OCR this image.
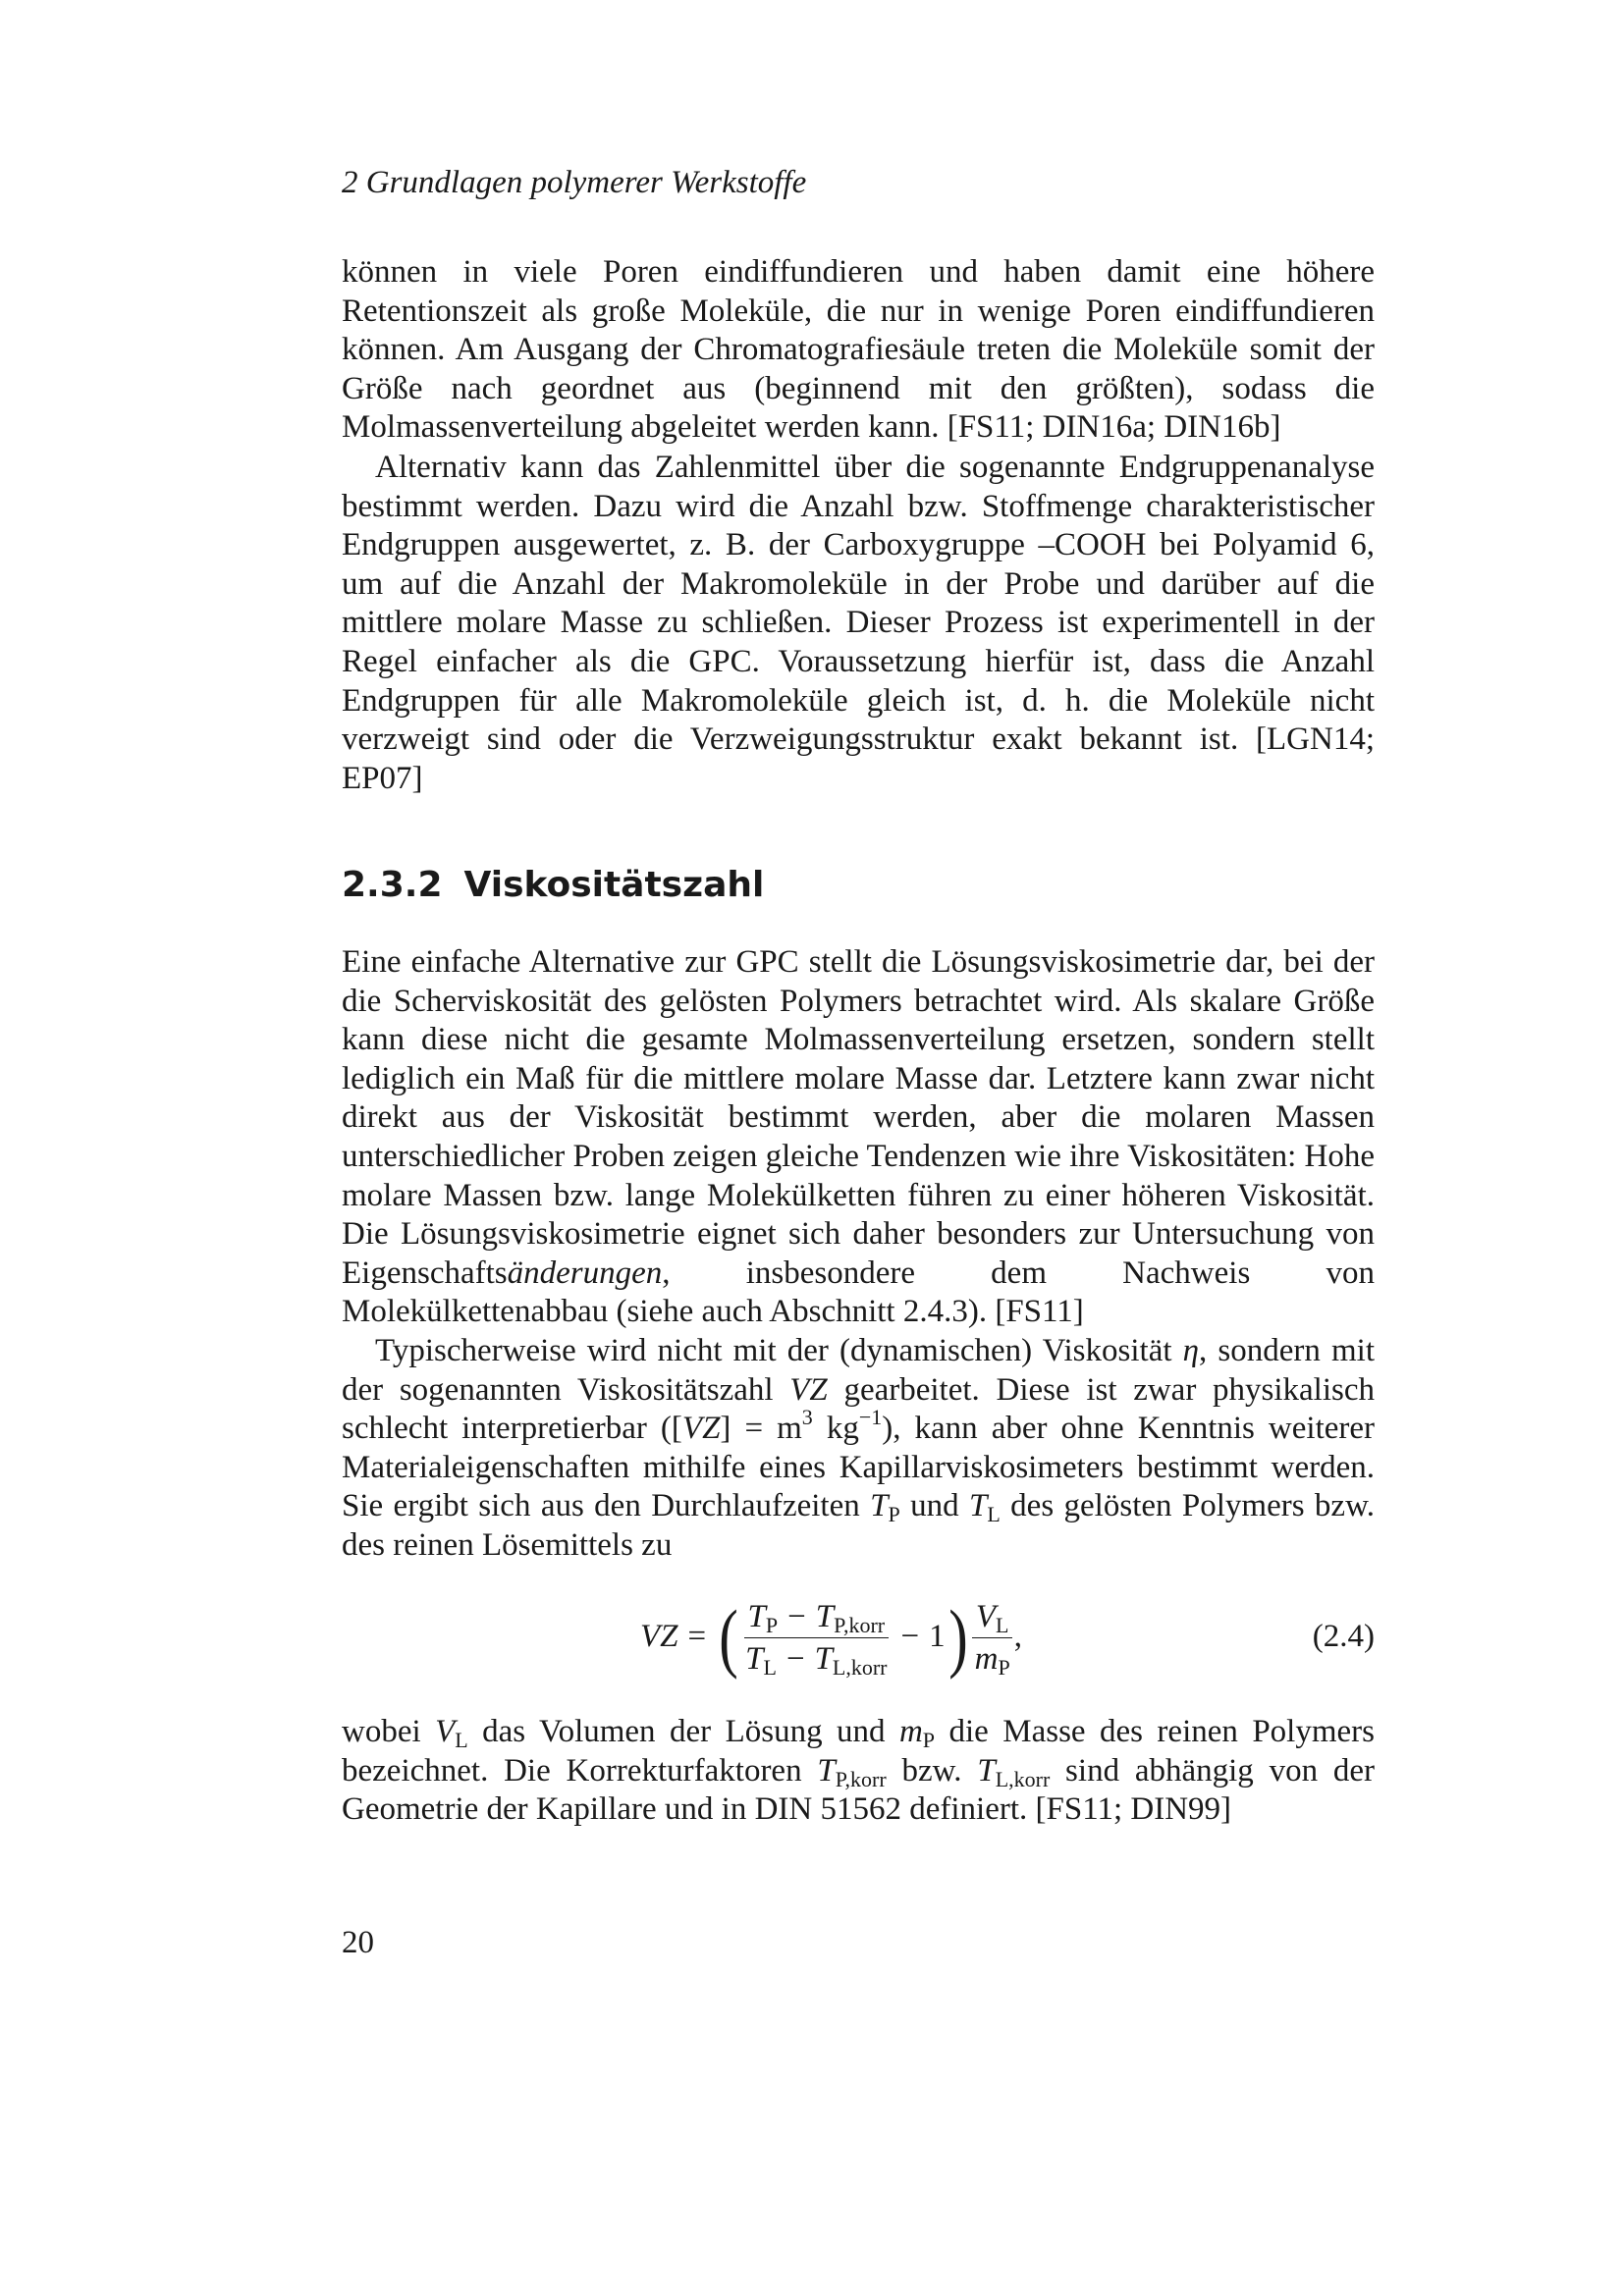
2 Grundlagen polymerer Werkstoffe

können in viele Poren eindiffundieren und haben damit eine höhere Retentionszeit als große Moleküle, die nur in wenige Poren eindiffundieren können. Am Ausgang der Chromatografiesäule treten die Moleküle somit der Größe nach geordnet aus (beginnend mit den größten), sodass die Molmassenverteilung abgeleitet werden kann. [FS11; DIN16a; DIN16b]

Alternativ kann das Zahlenmittel über die sogenannte Endgruppenanalyse bestimmt werden. Dazu wird die Anzahl bzw. Stoffmenge charakteristischer Endgruppen ausgewertet, z. B. der Carboxygruppe –COOH bei Polyamid 6, um auf die Anzahl der Makromoleküle in der Probe und darüber auf die mittlere molare Masse zu schließen. Dieser Prozess ist experimentell in der Regel einfacher als die GPC. Voraussetzung hierfür ist, dass die Anzahl Endgruppen für alle Makromoleküle gleich ist, d. h. die Moleküle nicht verzweigt sind oder die Verzweigungsstruktur exakt bekannt ist. [LGN14; EP07]

2.3.2 Viskositätszahl

Eine einfache Alternative zur GPC stellt die Lösungsviskosimetrie dar, bei der die Scherviskosität des gelösten Polymers betrachtet wird. Als skalare Größe kann diese nicht die gesamte Molmassenverteilung ersetzen, sondern stellt lediglich ein Maß für die mittlere molare Masse dar. Letztere kann zwar nicht direkt aus der Viskosität bestimmt werden, aber die molaren Massen unterschiedlicher Proben zeigen gleiche Tendenzen wie ihre Viskositäten: Hohe molare Massen bzw. lange Molekülketten führen zu einer höheren Viskosität. Die Lösungsviskosimetrie eignet sich daher besonders zur Untersuchung von Eigenschaftsänderungen, insbesondere dem Nachweis von Molekülkettenabbau (siehe auch Abschnitt 2.4.3). [FS11]

Typischerweise wird nicht mit der (dynamischen) Viskosität η, sondern mit der sogenannten Viskositätszahl VZ gearbeitet. Diese ist zwar physikalisch schlecht interpretierbar ($[VZ] = m^3$ $kg^{-1}$), kann aber ohne Kenntnis weiterer Materialeigenschaften mithilfe eines Kapillarviskosimeters bestimmt werden. Sie ergibt sich aus den Durchlaufzeiten $T_P$ und $T_L$ des gelösten Polymers bzw. des reinen Lösemittels zu

VZ = ( $\frac{T_P - T_{P,korr}}{T_L - T_{L,korr}} - 1$ ) $\frac{V_L}{m_P}$ ,	(2.4)

wobei $V_L$ das Volumen der Lösung und $m_P$ die Masse des reinen Polymers bezeichnet. Die Korrekturfaktoren $T_{P,korr}$ bzw. $T_{L,korr}$ sind abhängig von der Geometrie der Kapillare und in DIN 51562 definiert. [FS11; DIN99]

20
